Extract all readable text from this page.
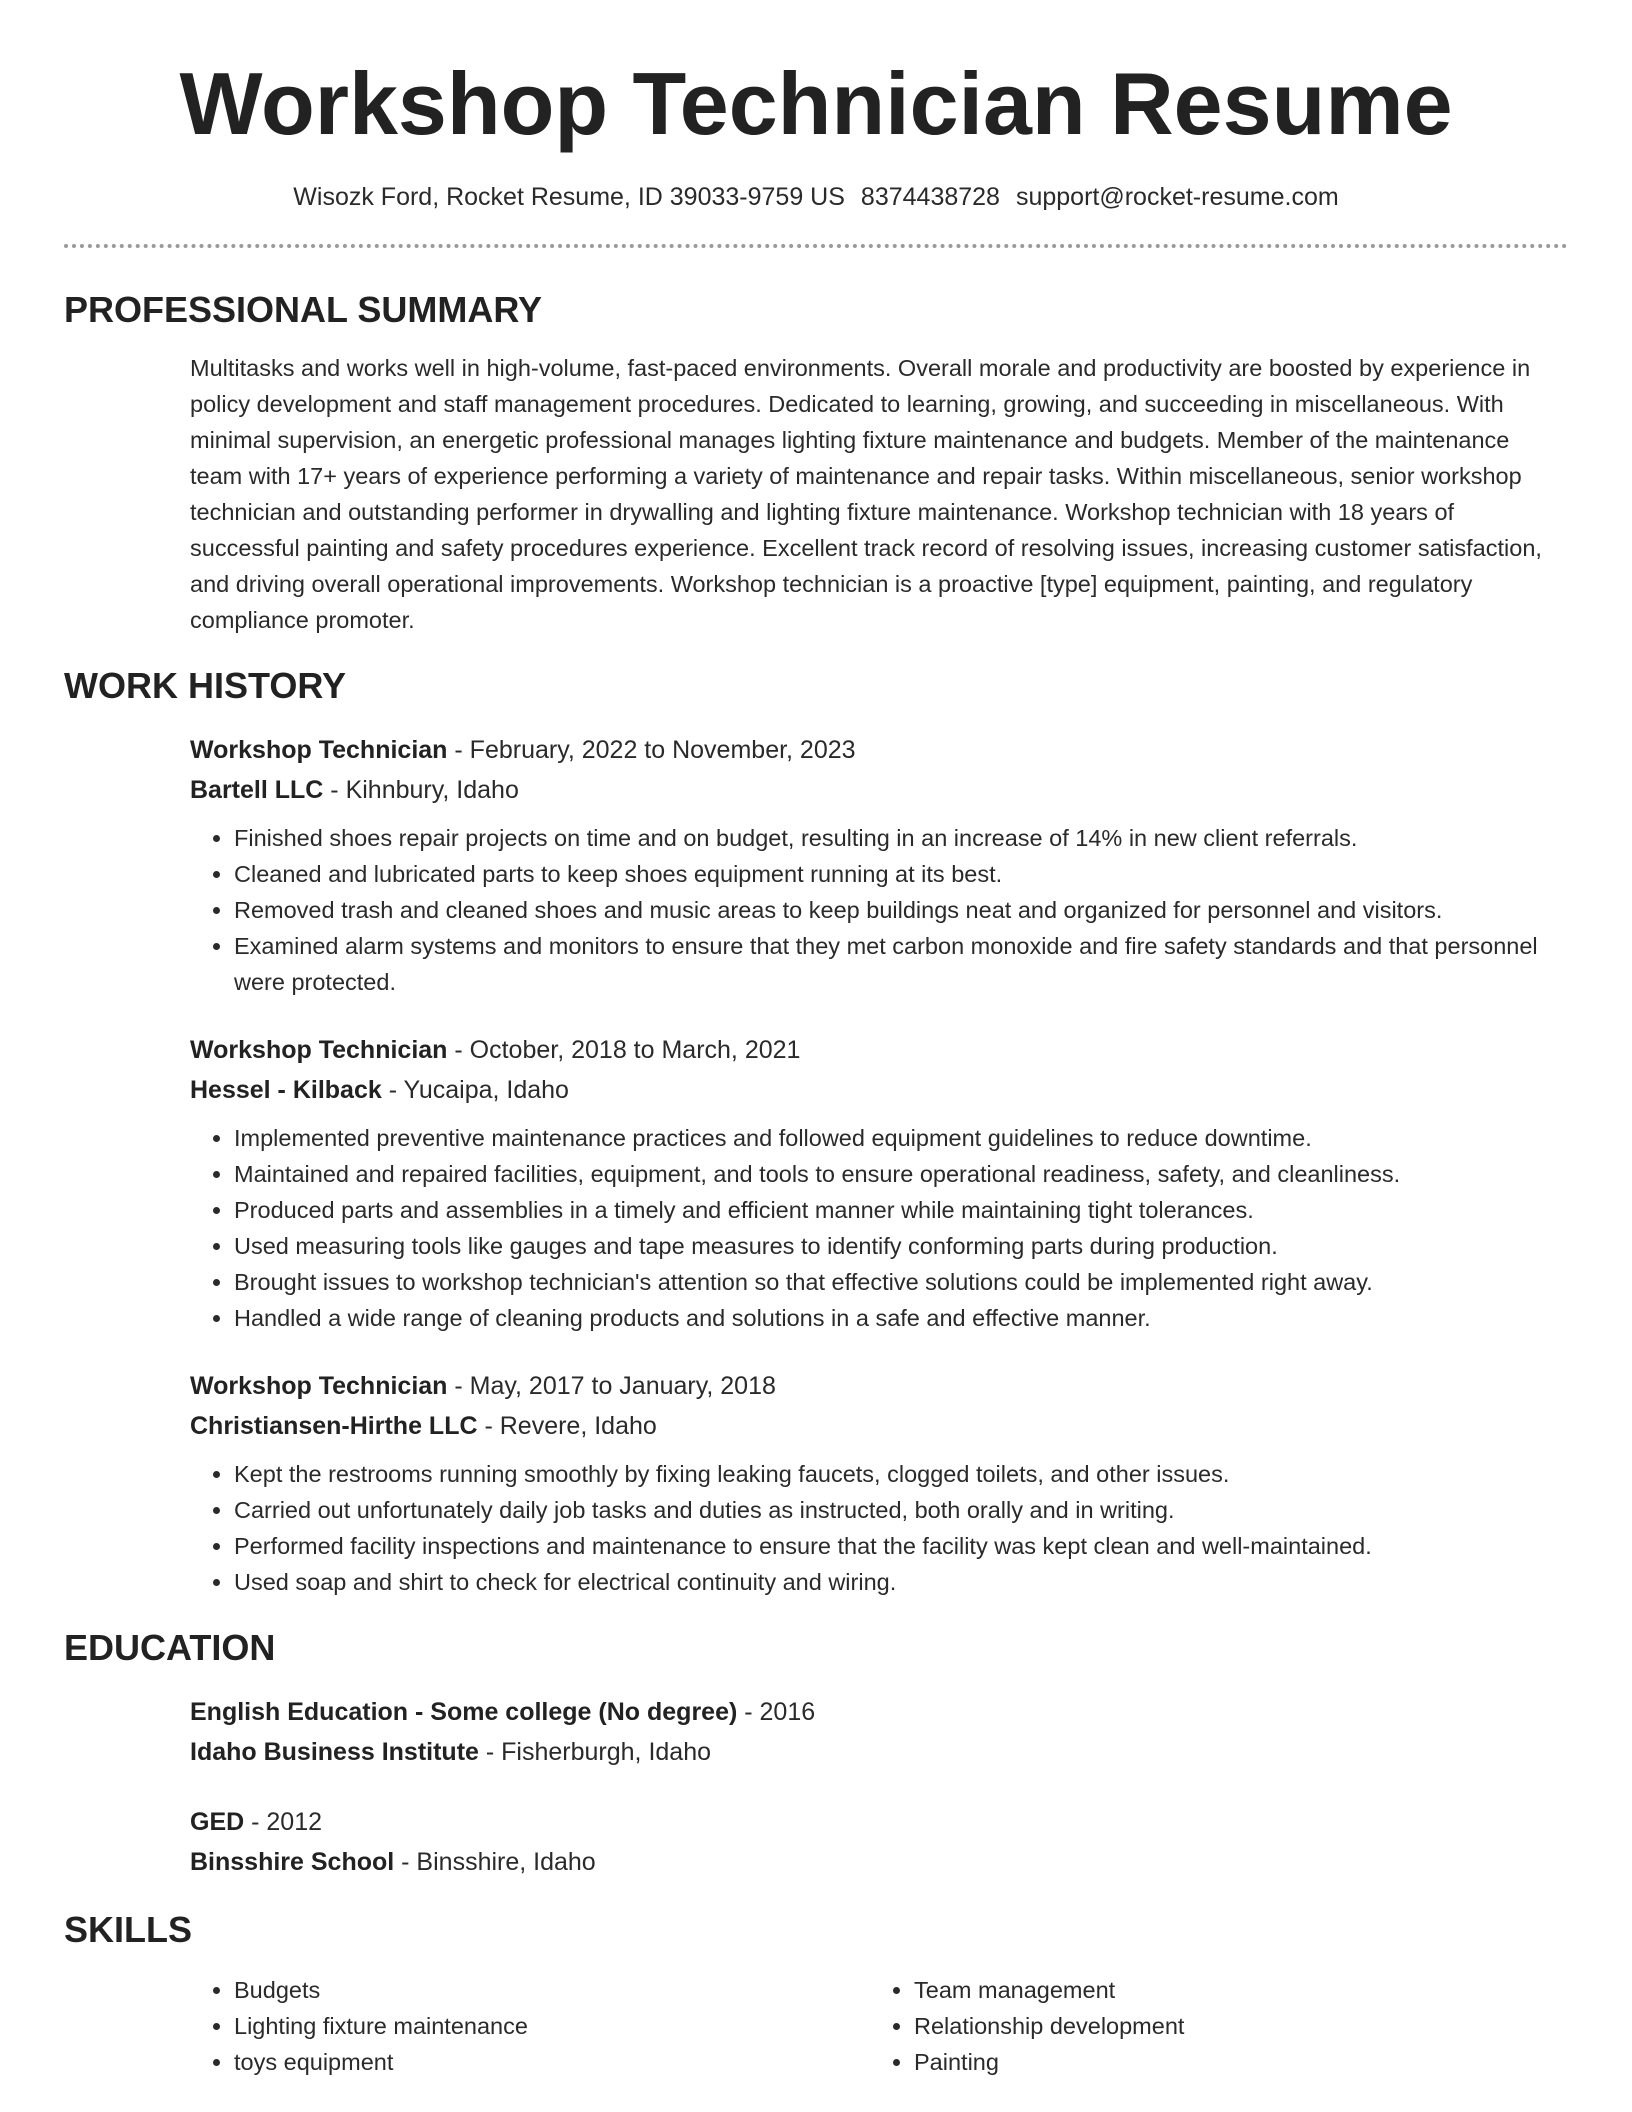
Workshop Technician Resume
Wisozk Ford, Rocket Resume, ID 39033-9759 US 8374438728 support@rocket-resume.com
PROFESSIONAL SUMMARY

Multitasks and works well in high-volume, fast-paced environments. Overall morale and productivity are boosted by experience in policy development and staff management procedures. Dedicated to learning, growing, and succeeding in miscellaneous. With minimal supervision, an energetic professional manages lighting fixture maintenance and budgets. Member of the maintenance team with 17+ years of experience performing a variety of maintenance and repair tasks. Within miscellaneous, senior workshop technician and outstanding performer in drywalling and lighting fixture maintenance. Workshop technician with 18 years of successful painting and safety procedures experience. Excellent track record of resolving issues, increasing customer satisfaction, and driving overall operational improvements. Workshop technician is a proactive [type] equipment, painting, and regulatory compliance promoter.

WORK HISTORY
Workshop Technician - February, 2022 to November, 2023
Bartell LLC - Kihnbury, Idaho
• Finished shoes repair projects on time and on budget, resulting in an increase of 14% in new client referrals.
• Cleaned and lubricated parts to keep shoes equipment running at its best.
• Removed trash and cleaned shoes and music areas to keep buildings neat and organized for personnel and visitors.
• Examined alarm systems and monitors to ensure that they met carbon monoxide and fire safety standards and that personnel were protected.
Workshop Technician - October, 2018 to March, 2021
Hessel - Kilback - Yucaipa, Idaho
• Implemented preventive maintenance practices and followed equipment guidelines to reduce downtime.
• Maintained and repaired facilities, equipment, and tools to ensure operational readiness, safety, and cleanliness.
• Produced parts and assemblies in a timely and efficient manner while maintaining tight tolerances.
• Used measuring tools like gauges and tape measures to identify conforming parts during production.
• Brought issues to workshop technician's attention so that effective solutions could be implemented right away.
• Handled a wide range of cleaning products and solutions in a safe and effective manner.
Workshop Technician - May, 2017 to January, 2018
Christiansen-Hirthe LLC - Revere, Idaho
• Kept the restrooms running smoothly by fixing leaking faucets, clogged toilets, and other issues.
• Carried out unfortunately daily job tasks and duties as instructed, both orally and in writing.
• Performed facility inspections and maintenance to ensure that the facility was kept clean and well-maintained.
• Used soap and shirt to check for electrical continuity and wiring.
EDUCATION
English Education - Some college (No degree) - 2016
Idaho Business Institute - Fisherburgh, Idaho
GED - 2012
Binsshire School - Binsshire, Idaho
SKILLS
• Budgets
• Lighting fixture maintenance
• toys equipment
• Team management
• Relationship development
• Painting
